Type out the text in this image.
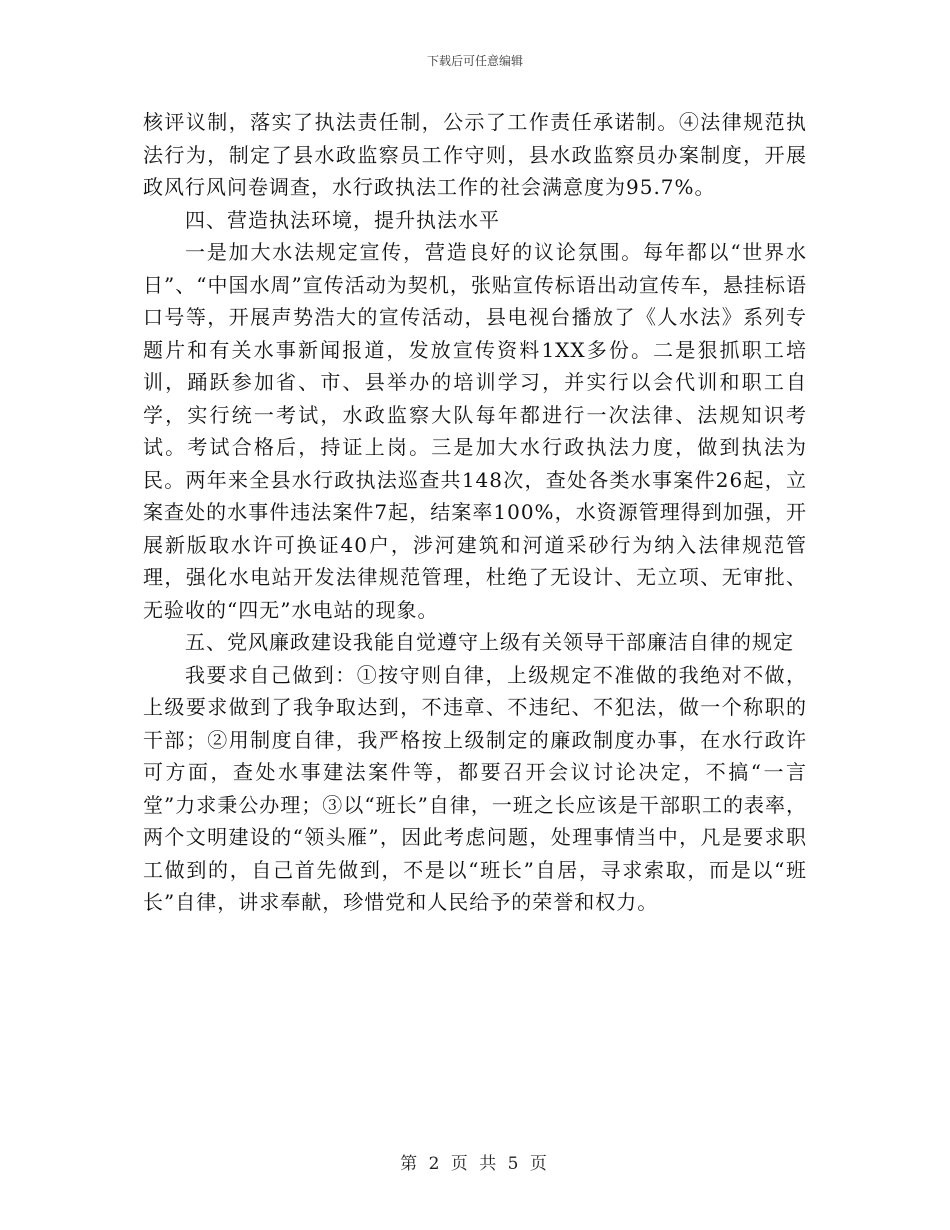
下载后可任意编辑

核评议制，落实了执法责任制，公示了工作责任承诺制。④法律规范执法行为，制定了县水政监察员工作守则，县水政监察员办案制度，开展政风行风问卷调查，水行政执法工作的社会满意度为95.7%。

四、营造执法环境，提升执法水平

一是加大水法规定宣传，营造良好的议论氛围。每年都以“世界水日”、“中国水周”宣传活动为契机，张贴宣传标语出动宣传车，悬挂标语口号等，开展声势浩大的宣传活动，县电视台播放了《人水法》系列专题片和有关水事新闻报道，发放宣传资料1XX多份。二是狠抓职工培训，踊跃参加省、市、县举办的培训学习，并实行以会代训和职工自学，实行统一考试，水政监察大队每年都进行一次法律、法规知识考试。考试合格后，持证上岗。三是加大水行政执法力度，做到执法为民。两年来全县水行政执法巡查共148次，查处各类水事案件26起，立案查处的水事件违法案件7起，结案率100%，水资源管理得到加强，开展新版取水许可换证40户，涉河建筑和河道采砂行为纳入法律规范管理，强化水电站开发法律规范管理，杜绝了无设计、无立项、无审批、无验收的“四无”水电站的现象。

五、党风廉政建设我能自觉遵守上级有关领导干部廉洁自律的规定

我要求自己做到：①按守则自律，上级规定不准做的我绝对不做，上级要求做到了我争取达到，不违章、不违纪、不犯法，做一个称职的干部；②用制度自律，我严格按上级制定的廉政制度办事，在水行政许可方面，查处水事建法案件等，都要召开会议讨论决定，不搞“一言堂”力求秉公办理；③以“班长”自律，一班之长应该是干部职工的表率，两个文明建设的“领头雁”，因此考虑问题，处理事情当中，凡是要求职工做到的，自己首先做到，不是以“班长”自居，寻求索取，而是以“班长”自律，讲求奉献，珍惜党和人民给予的荣誉和权力。

第 2 页 共 5 页
